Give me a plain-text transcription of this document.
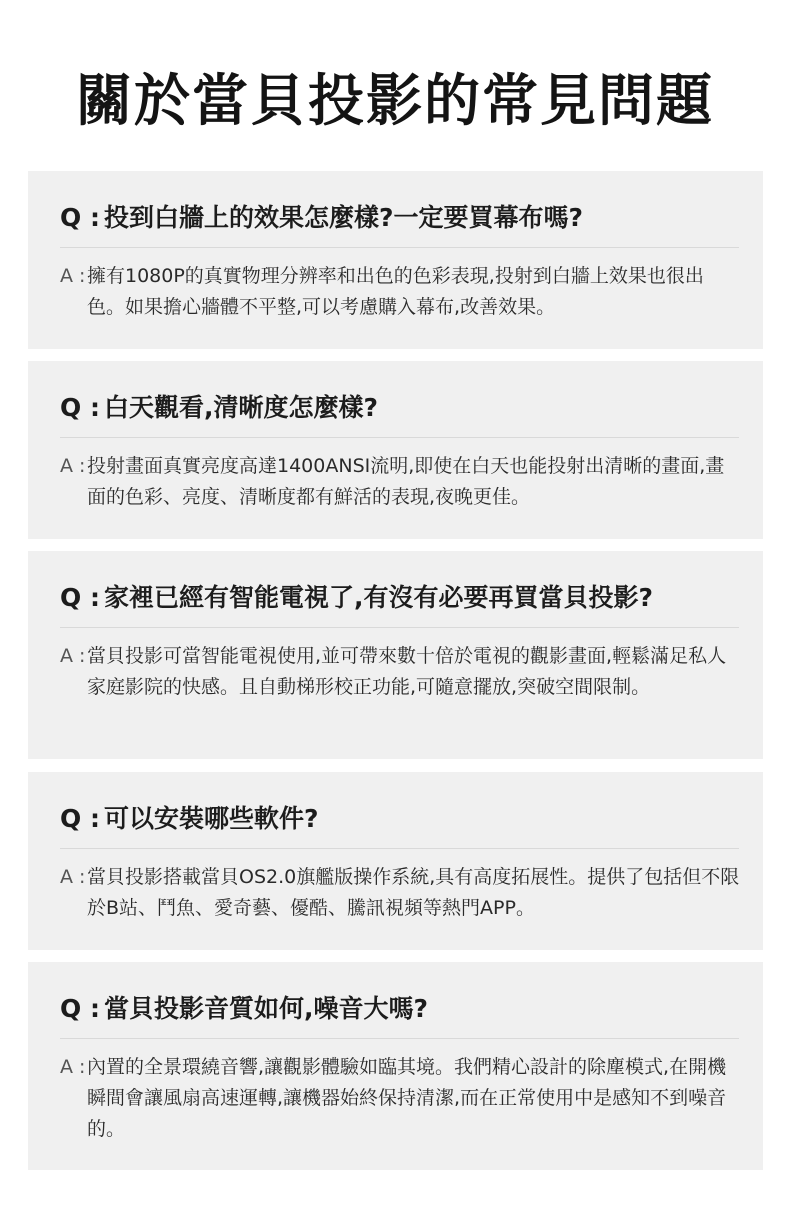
關於當貝投影的常見問題
Q : 投到白牆上的效果怎麼樣?一定要買幕布嗎?
A : 擁有1080P的真實物理分辨率和出色的色彩表現,投射到白牆上效果也很出色。如果擔心牆體不平整,可以考慮購入幕布,改善效果。
Q : 白天觀看,清晰度怎麼樣?
A : 投射畫面真實亮度高達1400ANSI流明,即使在白天也能投射出清晰的畫面,畫面的色彩、亮度、清晰度都有鮮活的表現,夜晚更佳。
Q : 家裡已經有智能電視了,有沒有必要再買當貝投影?
A : 當貝投影可當智能電視使用,並可帶來數十倍於電視的觀影畫面,輕鬆滿足私人家庭影院的快感。且自動梯形校正功能,可隨意擺放,突破空間限制。
Q : 可以安裝哪些軟件?
A : 當貝投影搭載當貝OS2.0旗艦版操作系統,具有高度拓展性。提供了包括但不限於B站、鬥魚、愛奇藝、優酷、騰訊視頻等熱門APP。
Q : 當貝投影音質如何,噪音大嗎?
A : 內置的全景環繞音響,讓觀影體驗如臨其境。我們精心設計的除塵模式,在開機瞬間會讓風扇高速運轉,讓機器始終保持清潔,而在正常使用中是感知不到噪音的。
